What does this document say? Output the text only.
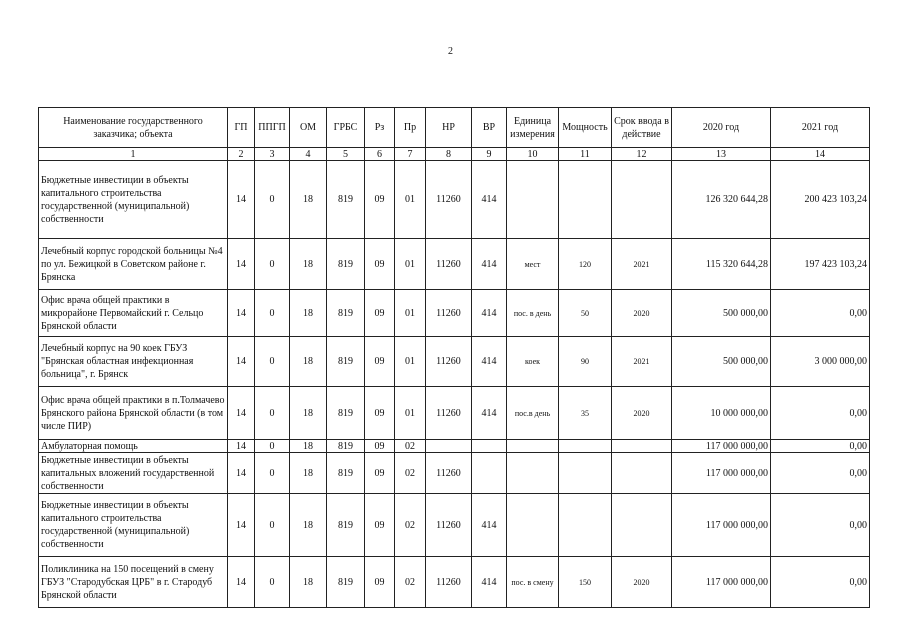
2
Наименование государственного заказчика; объекта	ГП	ППГП	ОМ	ГРБС	Рз	Пр	НР	ВР	Единица измерения	Мощность	Срок ввода в действие	2020 год	2021 год
1	2	3	4	5	6	7	8	9	10	11	12	13	14
Бюджетные инвестиции в объекты капитального строительства государственной (муниципальной) собственности	14	0	18	819	09	01	11260	414				126 320 644,28	200 423 103,24
Лечебный корпус городской больницы №4 по ул. Бежицкой в Советском районе г. Брянска	14	0	18	819	09	01	11260	414	мест	120	2021	115 320 644,28	197 423 103,24
Офис врача общей практики в микрорайоне Первомайский г. Сельцо Брянской области	14	0	18	819	09	01	11260	414	пос. в день	50	2020	500 000,00	0,00
Лечебный корпус на 90 коек ГБУЗ "Брянская областная инфекционная больница", г. Брянск	14	0	18	819	09	01	11260	414	коек	90	2021	500 000,00	3 000 000,00
Офис врача общей практики в п.Толмачево Брянского района Брянской области (в том числе ПИР)	14	0	18	819	09	01	11260	414	пос.в день	35	2020	10 000 000,00	0,00
Амбулаторная помощь	14	0	18	819	09	02						117 000 000,00	0,00
Бюджетные инвестиции в объекты капитальных вложений государственной собственности	14	0	18	819	09	02	11260					117 000 000,00	0,00
Бюджетные инвестиции в объекты капитального строительства государственной (муниципальной) собственности	14	0	18	819	09	02	11260	414				117 000 000,00	0,00
Поликлиника на 150 посещений в смену ГБУЗ "Стародубская ЦРБ" в г. Стародуб Брянской области	14	0	18	819	09	02	11260	414	пос. в смену	150	2020	117 000 000,00	0,00
